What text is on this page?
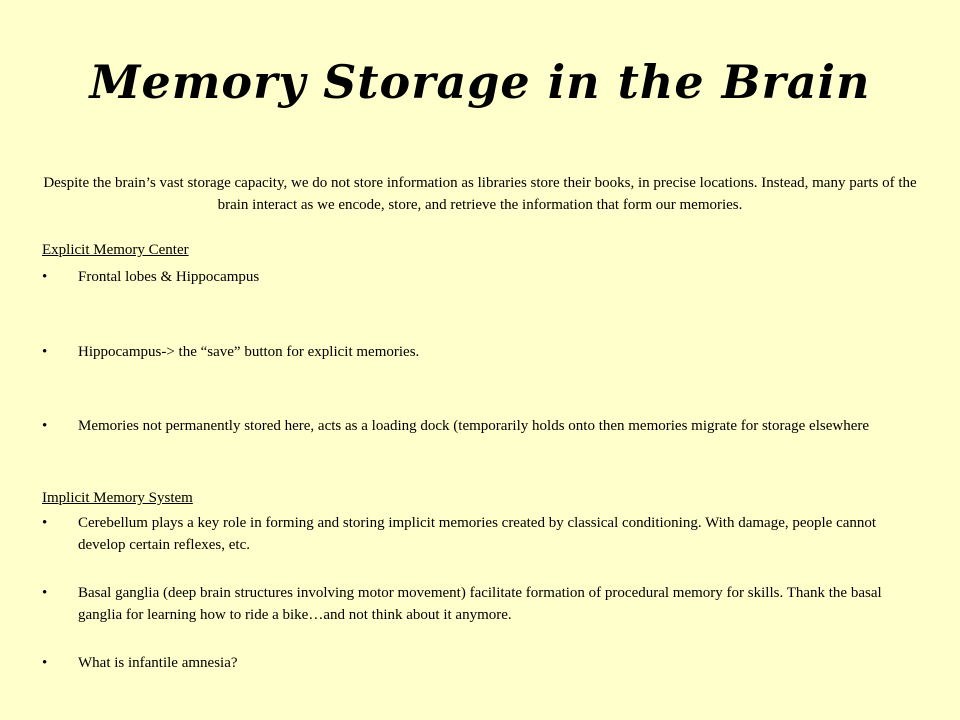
Memory Storage in the Brain

Despite the brain’s vast storage capacity, we do not store information as libraries store their books, in precise locations. Instead, many parts of the brain interact as we encode, store, and retrieve the information that form our memories.

Explicit Memory Center

• Frontal lobes & Hippocampus
• Hippocampus-> the “save” button for explicit memories.
• Memories not permanently stored here, acts as a loading dock (temporarily holds onto then memories migrate for storage elsewhere

Implicit Memory System

• Cerebellum plays a key role in forming and storing implicit memories created by classical conditioning. With damage, people cannot develop certain reflexes, etc.
• Basal ganglia (deep brain structures involving motor movement) facilitate formation of procedural memory for skills. Thank the basal ganglia for learning how to ride a bike…and not think about it anymore.
• What is infantile amnesia?
